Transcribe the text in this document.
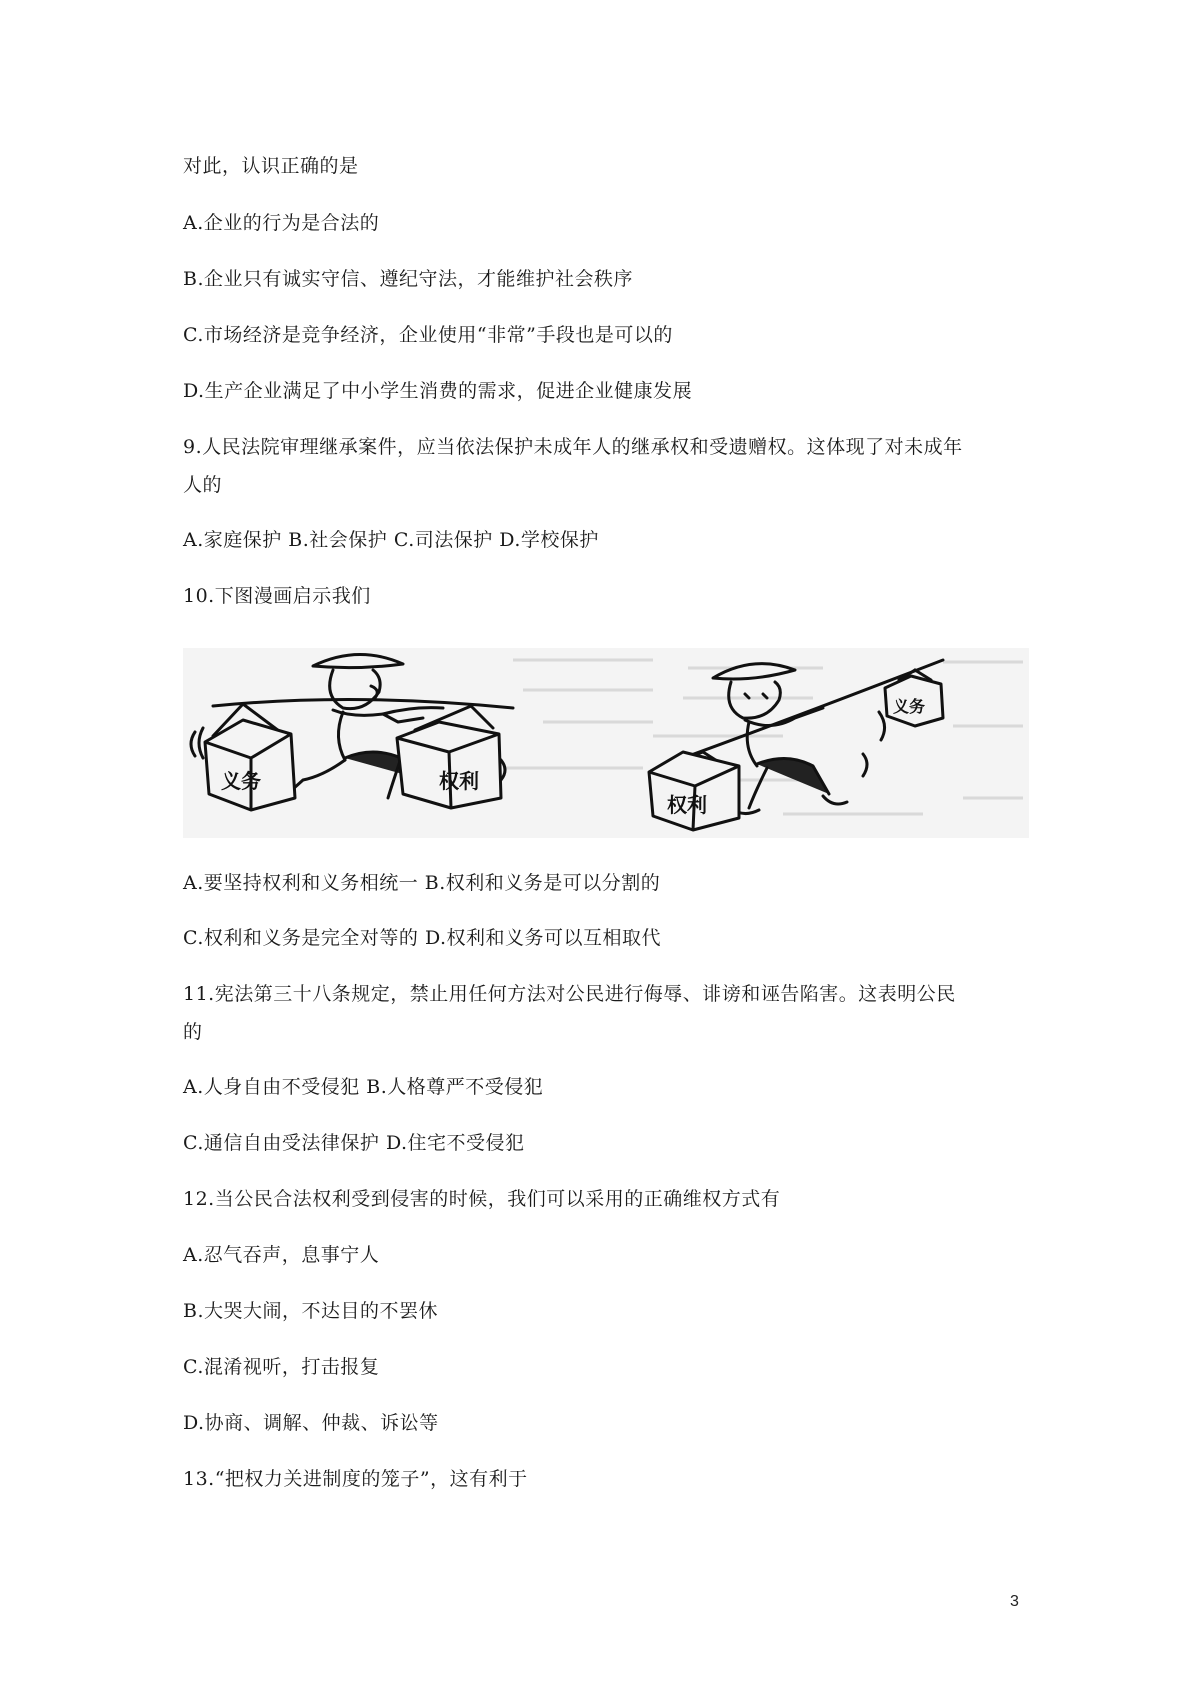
对此，认识正确的是
A.企业的行为是合法的
B.企业只有诚实守信、遵纪守法，才能维护社会秩序
C.市场经济是竞争经济，企业使用“非常”手段也是可以的
D.生产企业满足了中小学生消费的需求，促进企业健康发展
9.人民法院审理继承案件，应当依法保护未成年人的继承权和受遗赠权。这体现了对未成年
人的
A.家庭保护 B.社会保护 C.司法保护 D.学校保护
10.下图漫画启示我们
义务	权利
权利
义务
A.要坚持权利和义务相统一 B.权利和义务是可以分割的
C.权利和义务是完全对等的 D.权利和义务可以互相取代
11.宪法第三十八条规定，禁止用任何方法对公民进行侮辱、诽谤和诬告陷害。这表明公民
的
A.人身自由不受侵犯 B.人格尊严不受侵犯
C.通信自由受法律保护 D.住宅不受侵犯
12.当公民合法权利受到侵害的时候，我们可以采用的正确维权方式有
A.忍气吞声，息事宁人
B.大哭大闹，不达目的不罢休
C.混淆视听，打击报复
D.协商、调解、仲裁、诉讼等
13.“把权力关进制度的笼子”，这有利于
3
